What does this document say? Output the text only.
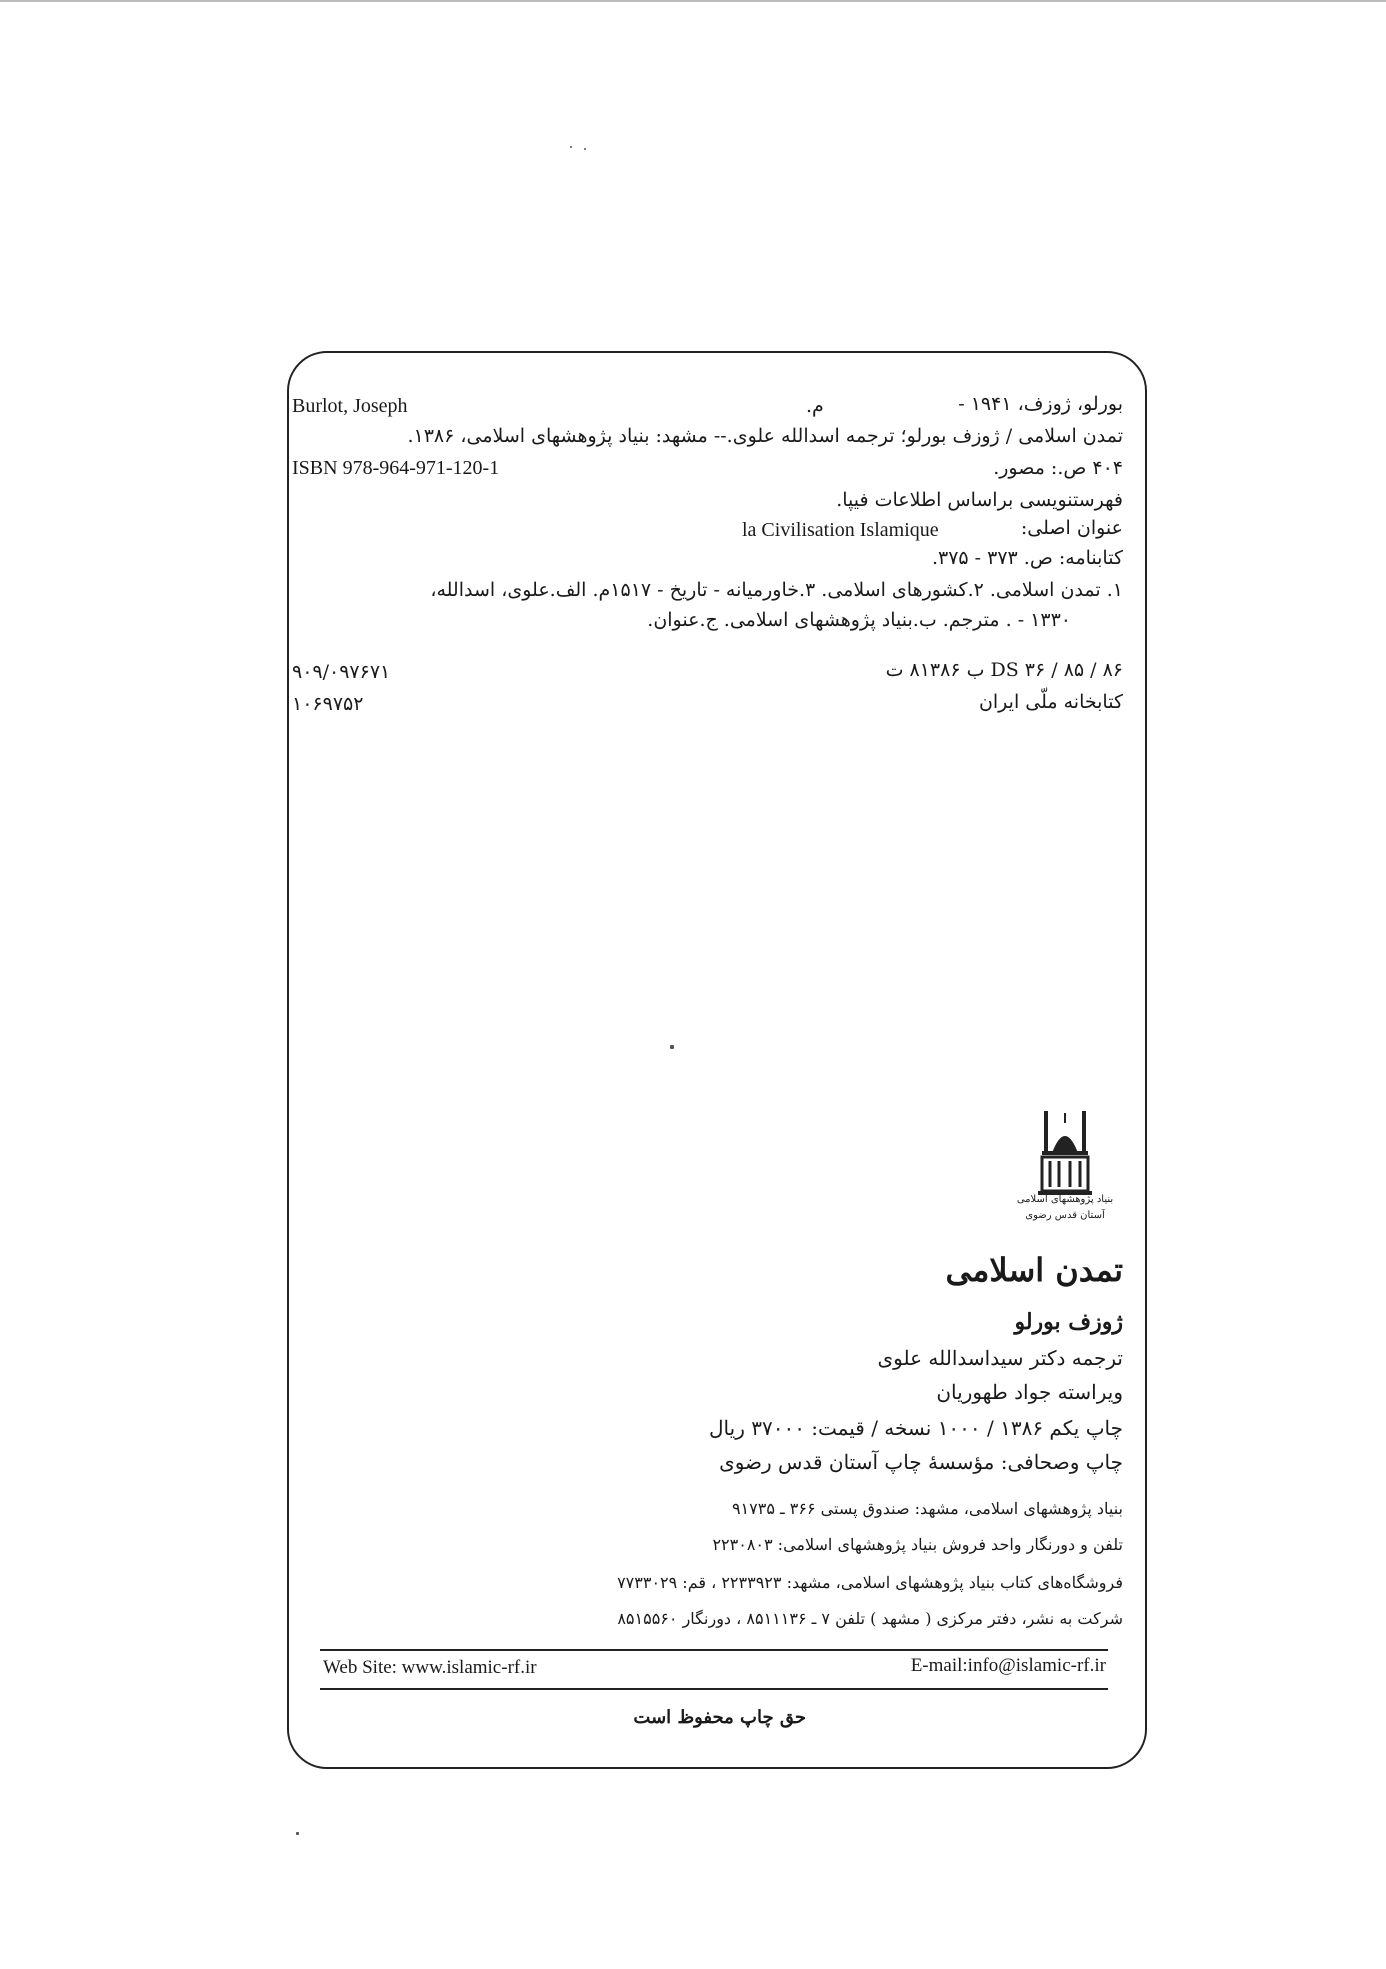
Burlot, Joseph	م.	بورلو، ژوزف، ۱۹۴۱ -
تمدن اسلامی / ژوزف بورلو؛ ترجمه اسدالله علوی.-- مشهد: بنیاد پژوهشهای اسلامی، ۱۳۸۶.
ISBN 978-964-971-120-1	۴۰۴ ص.: مصور.
فهرستنویسی براساس اطلاعات فیپا.
la Civilisation Islamique	عنوان اصلی:
کتابنامه: ص. ۳۷۳ - ۳۷۵.
۱. تمدن اسلامی. ۲.کشورهای اسلامی. ۳.خاورمیانه - تاریخ - ۱۵۱۷م. الف.علوی، اسدالله،
۱۳۳۰ - . مترجم. ب.بنیاد پژوهشهای اسلامی. ج.عنوان.
۹۰۹/۰۹۷۶۷۱	DS ۳۶ / ۸۵ / ۸۶ ب ۸۱۳۸۶ ت
۱۰۶۹۷۵۲	کتابخانه ملّی ایران
بنیاد پژوهشهای اسلامی
آستان قدس رضوی
تمدن اسلامی
ژوزف بورلو
ترجمه دکتر سیداسدالله علوی
ویراسته جواد طهوریان
چاپ یکم ۱۳۸۶ / ۱۰۰۰ نسخه / قیمت: ۳۷۰۰۰ ریال
چاپ وصحافی: مؤسسهٔ چاپ آستان قدس رضوی
بنیاد پژوهشهای اسلامی، مشهد: صندوق پستی ۳۶۶ ـ ۹۱۷۳۵
تلفن و دورنگار واحد فروش بنیاد پژوهشهای اسلامی: ۲۲۳۰۸۰۳
فروشگاه‌های کتاب بنیاد پژوهشهای اسلامی، مشهد: ۲۲۳۳۹۲۳ ، قم: ۷۷۳۳۰۲۹
شرکت به نشر، دفتر مرکزی ( مشهد ) تلفن ۷ ـ ۸۵۱۱۱۳۶ ، دورنگار ۸۵۱۵۵۶۰
Web Site: www.islamic-rf.ir	E-mail:info@islamic-rf.ir
حق چاپ محفوظ است
